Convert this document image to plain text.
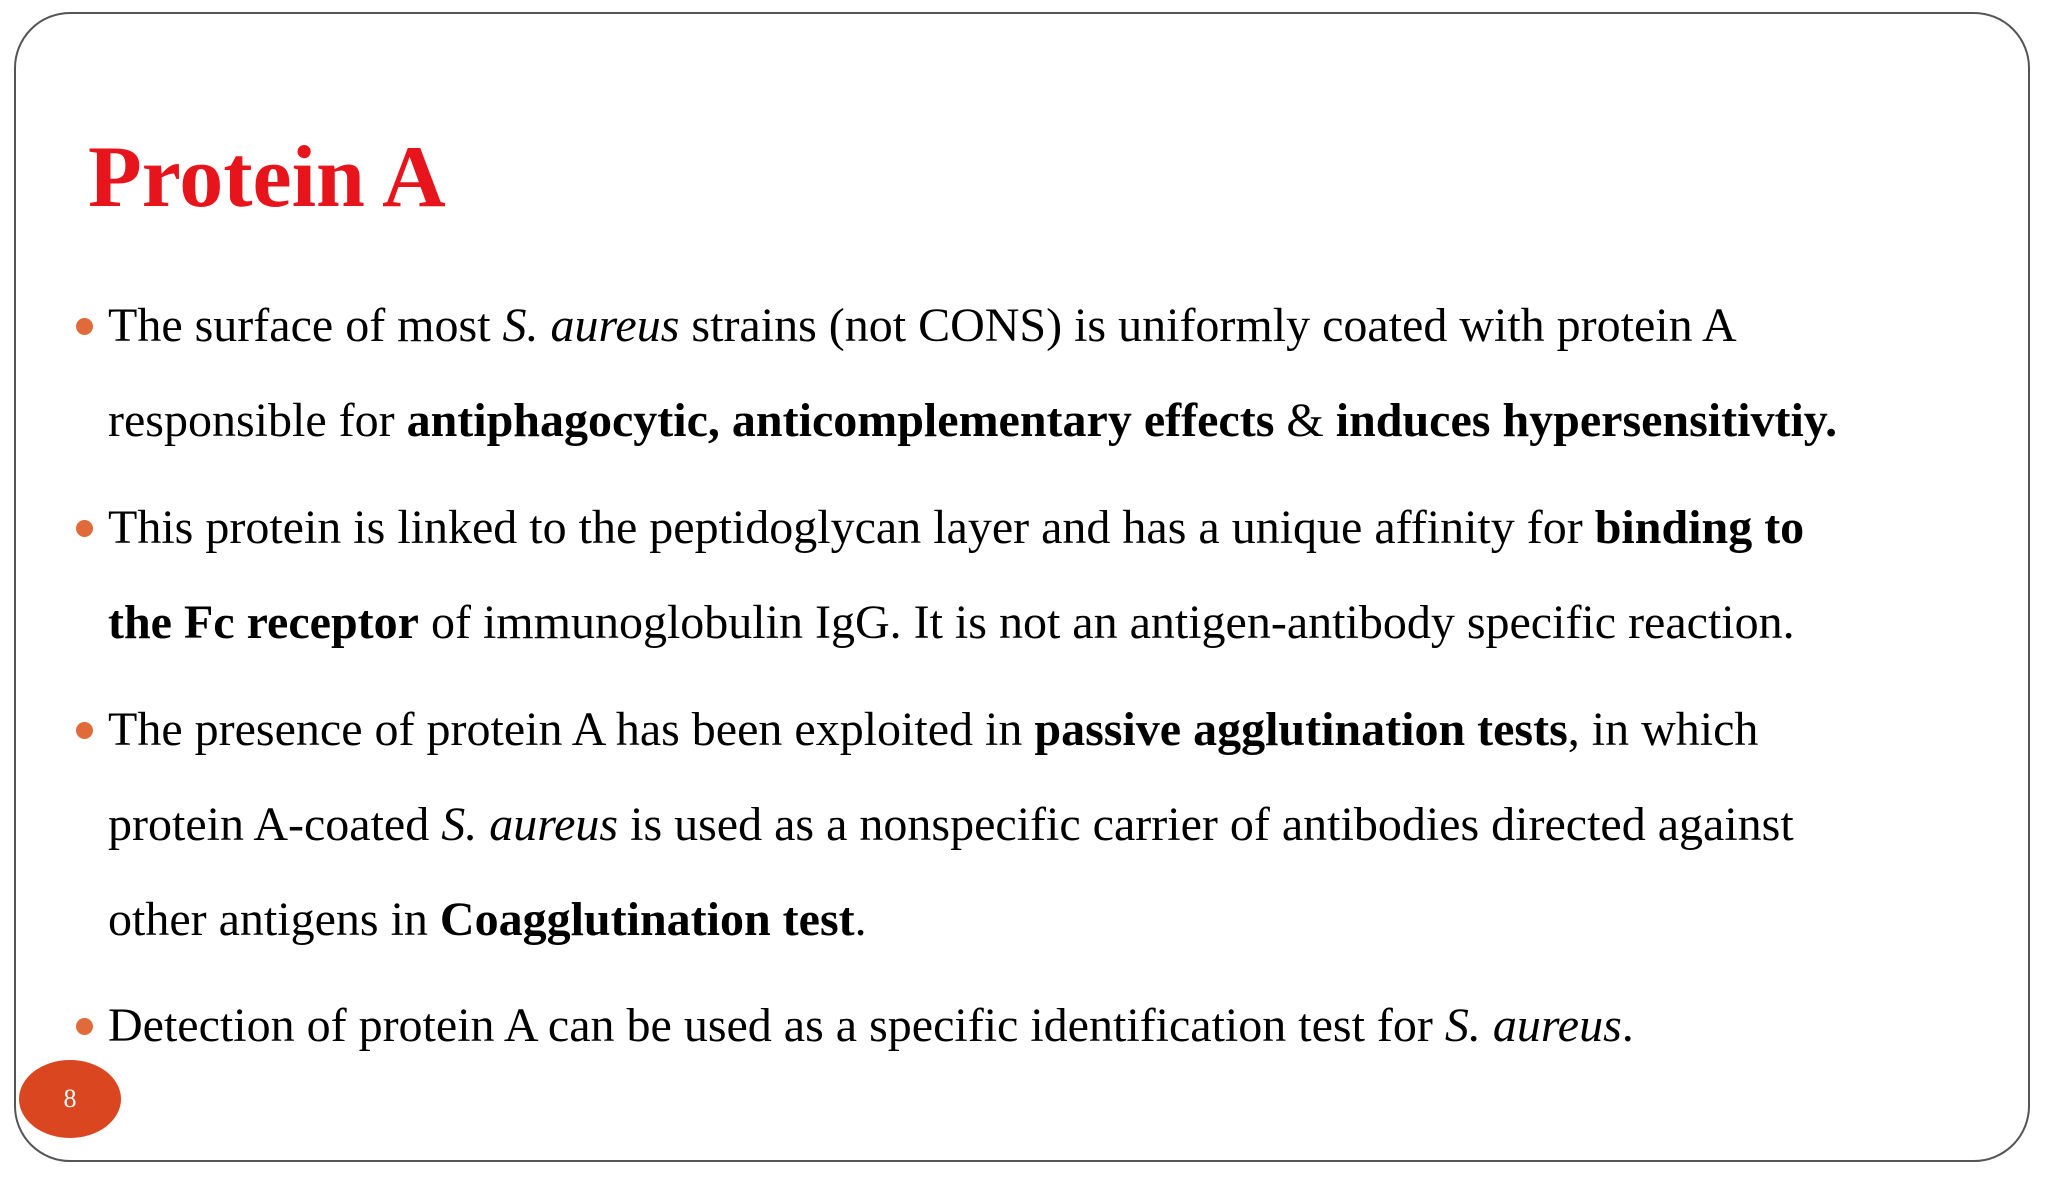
Protein A
The surface of most S. aureus strains (not CONS) is uniformly coated with protein A
responsible for antiphagocytic, anticomplementary effects & induces hypersensitivtiy.
This protein is linked to the peptidoglycan layer and has a unique affinity for binding to
the Fc receptor of immunoglobulin IgG. It is not an antigen-antibody specific reaction.
The presence of protein A has been exploited in passive agglutination tests, in which
protein A-coated S. aureus is used as a nonspecific carrier of antibodies directed against
other antigens in Coagglutination test.
Detection of protein A can be used as a specific identification test for S. aureus.
8
